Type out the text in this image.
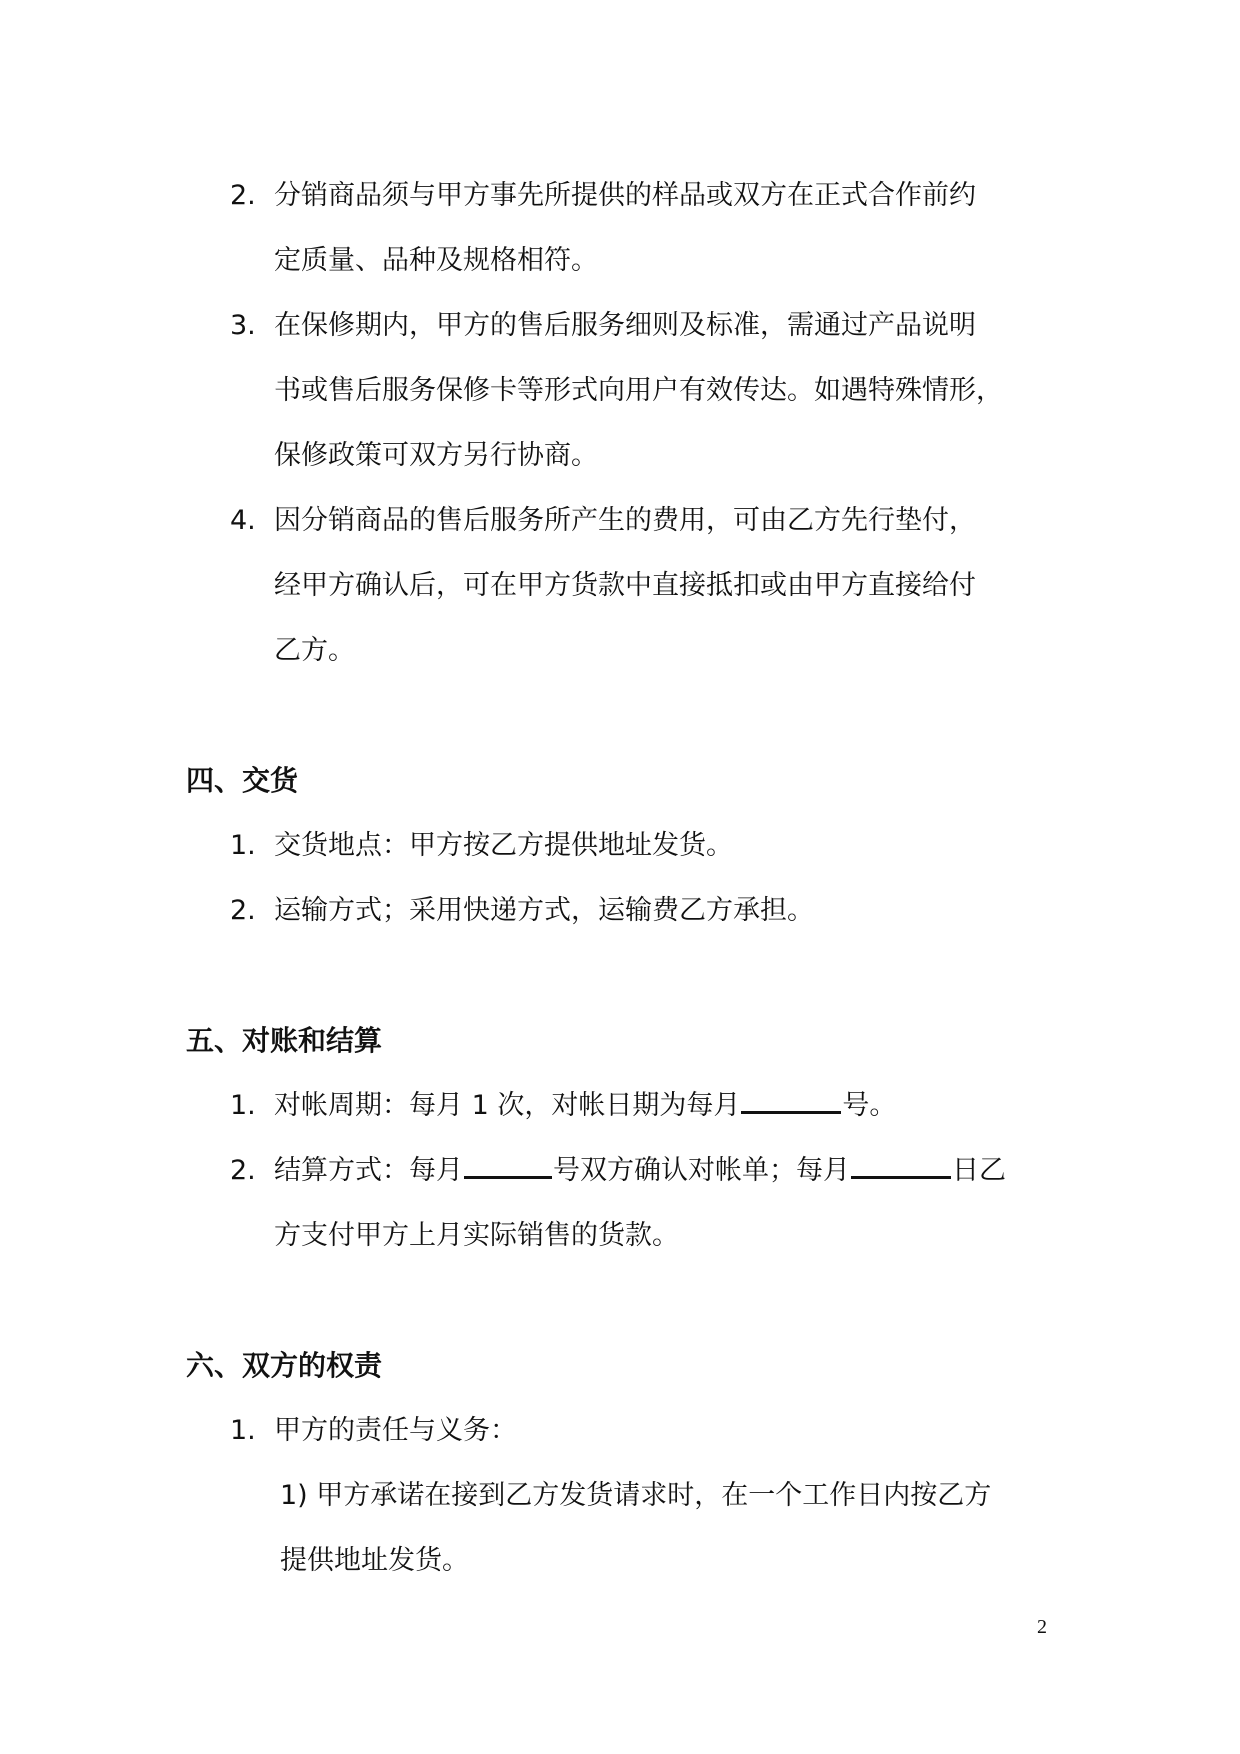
2. 分销商品须与甲方事先所提供的样品或双方在正式合作前约
定质量、品种及规格相符。
3. 在保修期内，甲方的售后服务细则及标准，需通过产品说明
书或售后服务保修卡等形式向用户有效传达。如遇特殊情形，
保修政策可双方另行协商。
4. 因分销商品的售后服务所产生的费用，可由乙方先行垫付，
经甲方确认后，可在甲方货款中直接抵扣或由甲方直接给付
乙方。
四、交货
1. 交货地点：甲方按乙方提供地址发货。
2. 运输方式；采用快递方式，运输费乙方承担。
五、对账和结算
1. 对帐周期：每月 1 次，对帐日期为每月	号。
2. 结算方式：每月	号双方确认对帐单；每月	日乙
方支付甲方上月实际销售的货款。
六、双方的权责
1. 甲方的责任与义务：
1) 甲方承诺在接到乙方发货请求时，在一个工作日内按乙方
提供地址发货。
2
